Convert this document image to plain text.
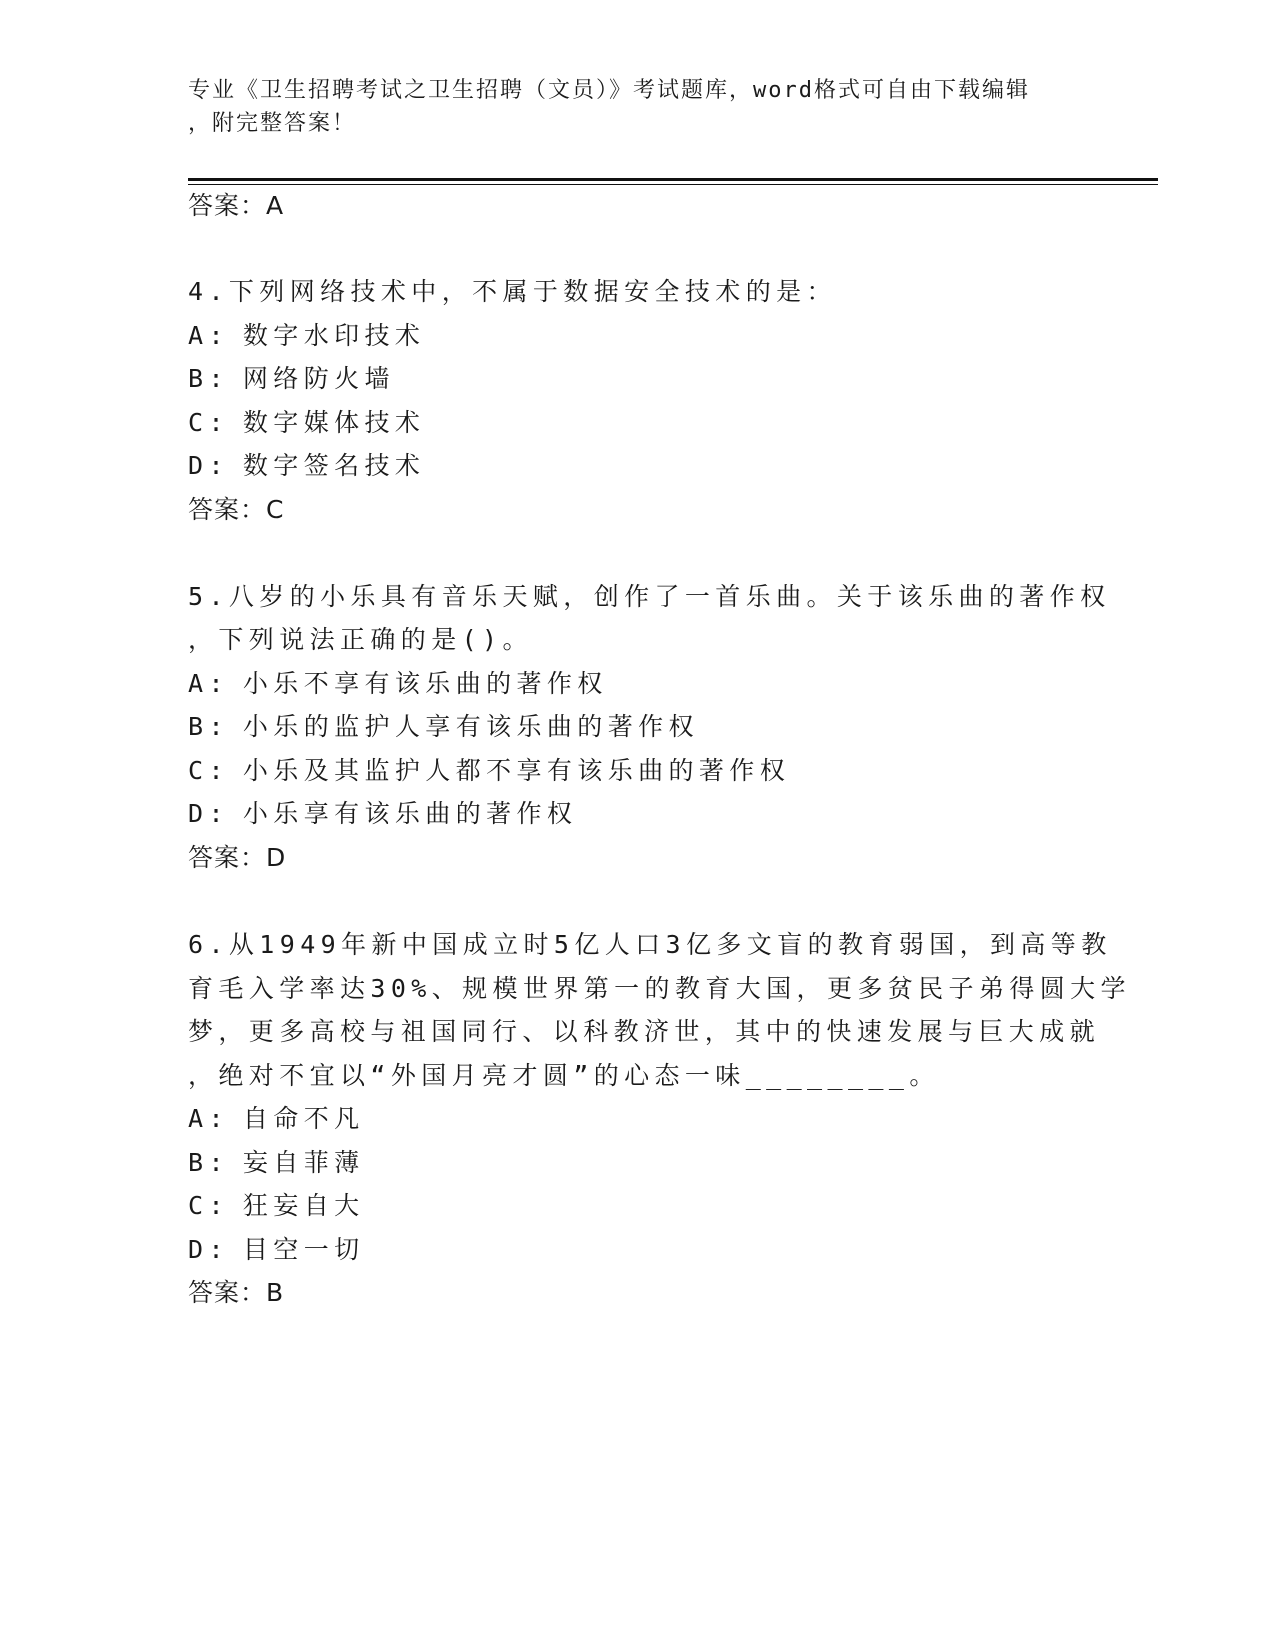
专业《卫生招聘考试之卫生招聘（文员）》考试题库，word格式可自由下载编辑

，附完整答案！

答案：A
4.下列网络技术中，不属于数据安全技术的是：
A: 数字水印技术
B: 网络防火墙
C: 数字媒体技术
D: 数字签名技术
答案：C
5.八岁的小乐具有音乐天赋，创作了一首乐曲。关于该乐曲的著作权
，下列说法正确的是()。
A: 小乐不享有该乐曲的著作权
B: 小乐的监护人享有该乐曲的著作权
C: 小乐及其监护人都不享有该乐曲的著作权
D: 小乐享有该乐曲的著作权
答案：D
6.从1949年新中国成立时5亿人口3亿多文盲的教育弱国，到高等教
育毛入学率达30%、规模世界第一的教育大国，更多贫民子弟得圆大学
梦，更多高校与祖国同行、以科教济世，其中的快速发展与巨大成就
，绝对不宜以“外国月亮才圆”的心态一味________。
A: 自命不凡
B: 妄自菲薄
C: 狂妄自大
D: 目空一切
答案：B
